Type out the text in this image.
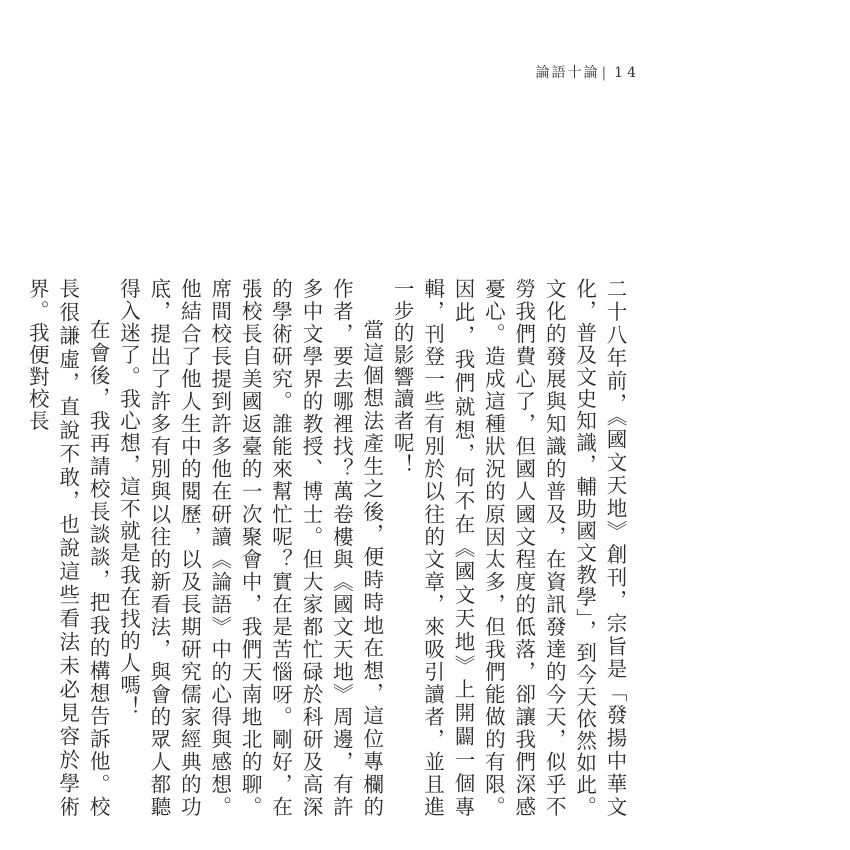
論語十論 | 14

二十八年前，《國文天地》創刊，宗旨是「發揚中華文化，普及文史知識，輔助國文教學」，到今天依然如此。文化的發展與知識的普及，在資訊發達的今天，似乎不勞我們費心了，但國人國文程度的低落，卻讓我們深感憂心。造成這種狀況的原因太多，但我們能做的有限。因此，我們就想，何不在《國文天地》上開闢一個專輯，刊登一些有別於以往的文章，來吸引讀者，並且進一步的影響讀者呢！

當這個想法產生之後，便時時地在想，這位專欄的作者，要去哪裡找？萬卷樓與《國文天地》周邊，有許多中文學界的教授、博士。但大家都忙碌於科研及高深的學術研究。誰能來幫忙呢？實在是苦惱呀。剛好，在張校長自美國返臺的一次聚會中，我們天南地北的聊。席間校長提到許多他在研讀《論語》中的心得與感想。他結合了他人生中的閱歷，以及長期研究儒家經典的功底，提出了許多有別與以往的新看法，與會的眾人都聽得入迷了。我心想，這不就是我在找的人嗎！

在會後，我再請校長談談，把我的構想告訴他。校長很謙虛，直說不敢，也說這些看法未必見容於學術界。我便對校長
